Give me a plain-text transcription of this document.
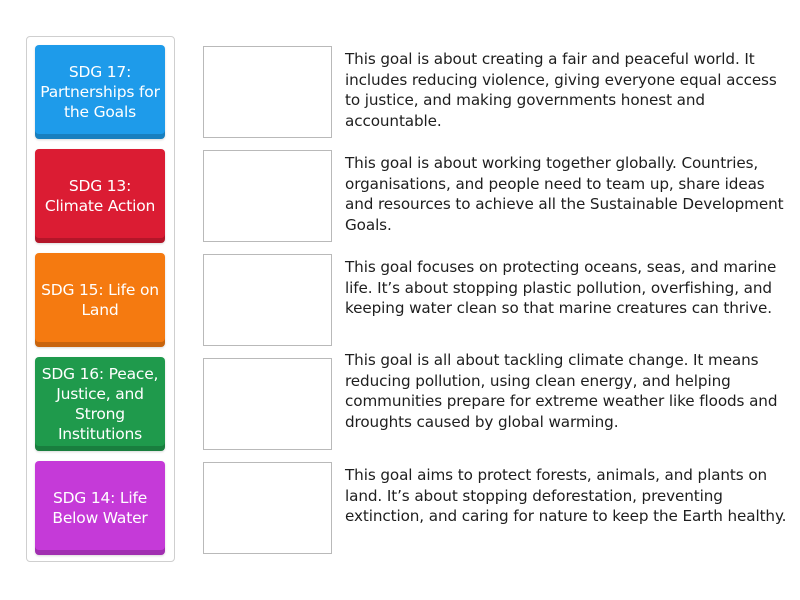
SDG 17: Partnerships for the Goals
SDG 13: Climate Action
SDG 15: Life on Land
SDG 16: Peace, Justice, and Strong Institutions
SDG 14: Life Below Water
This goal is about creating a fair and peaceful world. It includes reducing violence, giving everyone equal access to justice, and making governments honest and accountable.
This goal is about working together globally. Countries, organisations, and people need to team up, share ideas and resources to achieve all the Sustainable Development Goals.
This goal focuses on protecting oceans, seas, and marine life. It’s about stopping plastic pollution, overfishing, and keeping water clean so that marine creatures can thrive.
This goal is all about tackling climate change. It means reducing pollution, using clean energy, and helping communities prepare for extreme weather like floods and droughts caused by global warming.
This goal aims to protect forests, animals, and plants on land. It’s about stopping deforestation, preventing extinction, and caring for nature to keep the Earth healthy.
